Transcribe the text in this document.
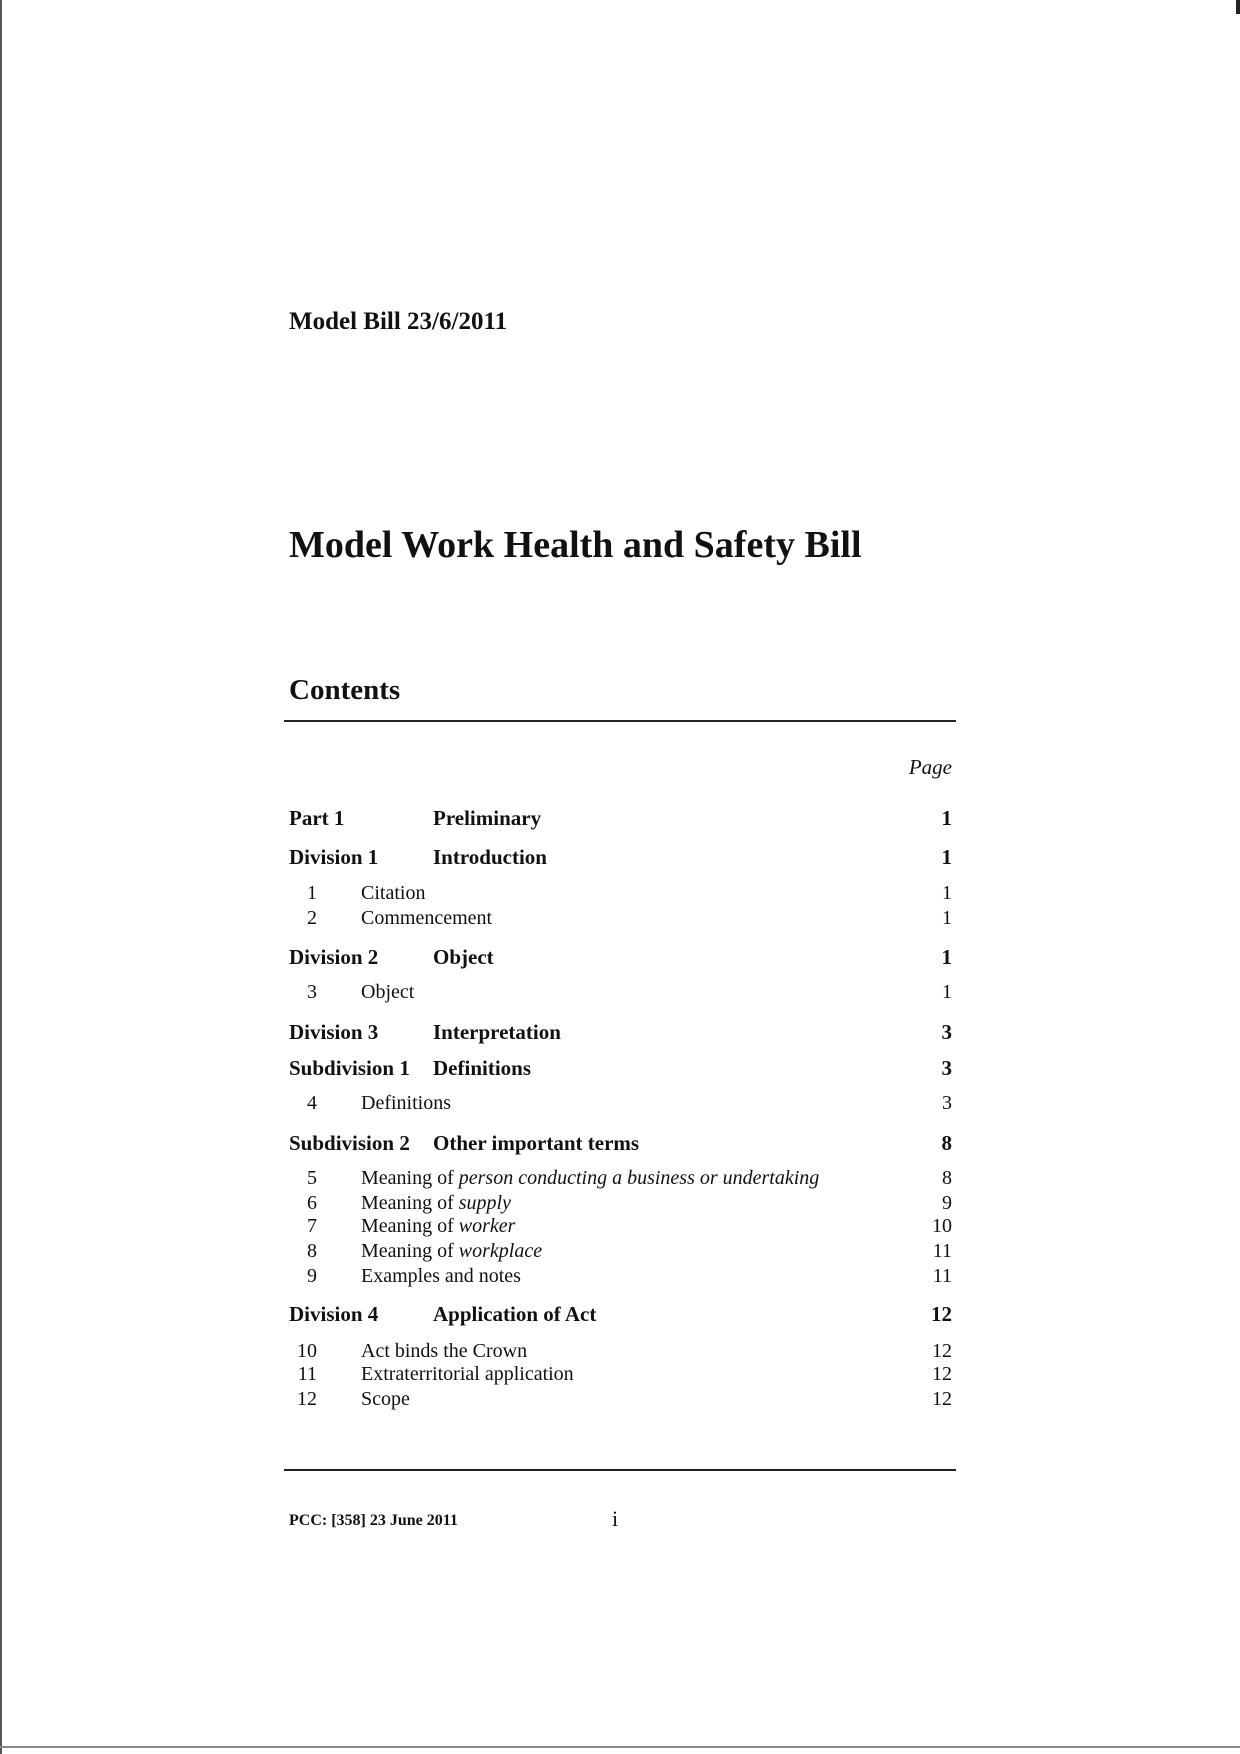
Model Bill 23/6/2011
Model Work Health and Safety Bill
Contents
Page
Part 1	Preliminary	1
Division 1	Introduction	1
1 Citation	1
2 Commencement	1
Division 2	Object	1
3 Object	1
Division 3	Interpretation	3
Subdivision 1 Definitions	3
4 Definitions	3
Subdivision 2 Other important terms	8
5 Meaning of person conducting a business or undertaking	8
6 Meaning of supply	9
7 Meaning of worker	10
8 Meaning of workplace	11
9 Examples and notes	11
Division 4	Application of Act	12
10 Act binds the Crown	12
11 Extraterritorial application	12
12 Scope	12
PCC: [358] 23 June 2011	i
